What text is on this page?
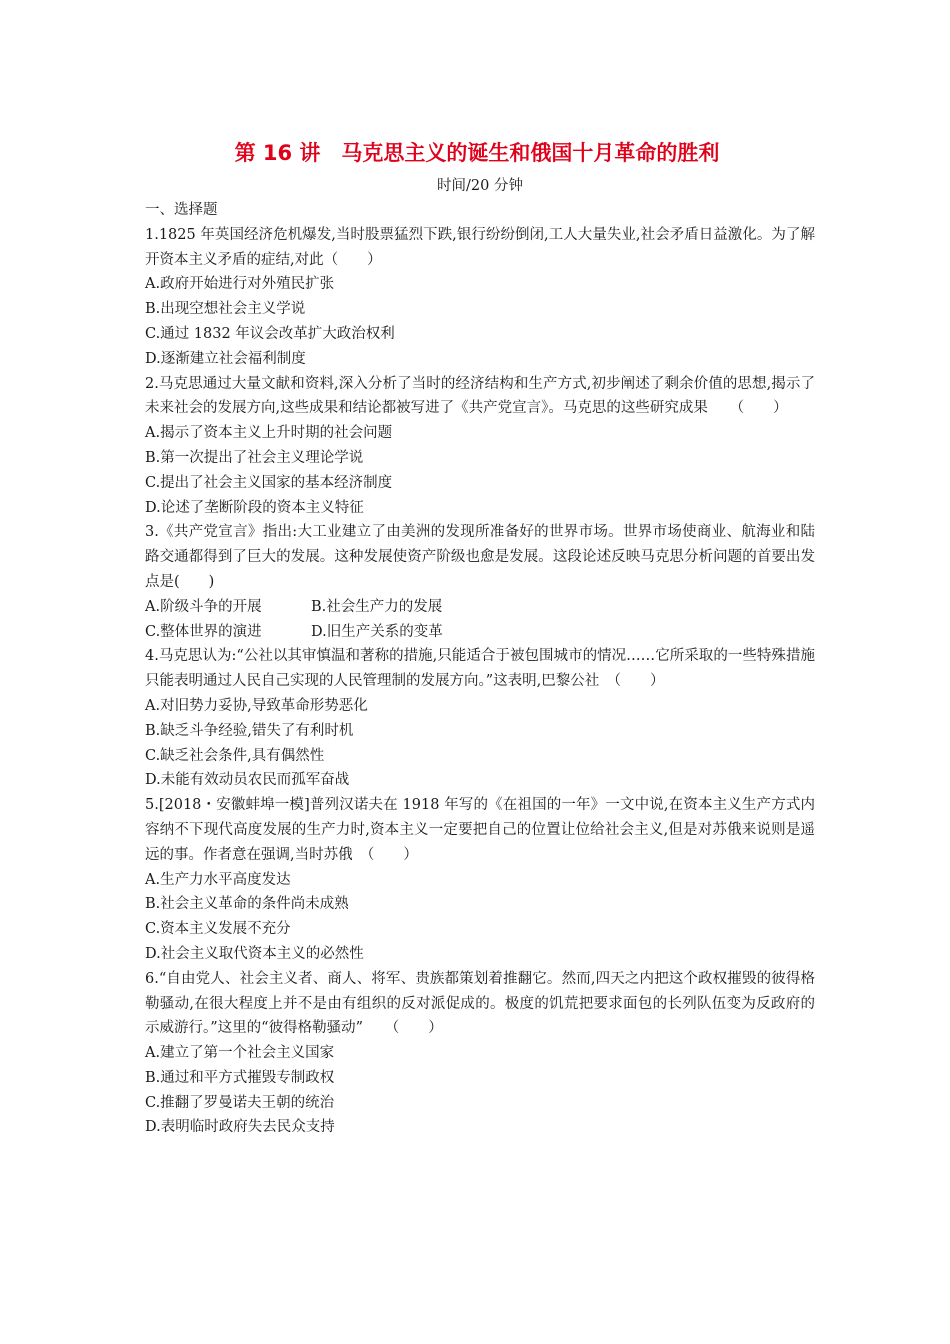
第 16 讲　马克思主义的诞生和俄国十月革命的胜利
时间/20 分钟
一、选择题
1.1825 年英国经济危机爆发,当时股票猛烈下跌,银行纷纷倒闭,工人大量失业,社会矛盾日益激化。为了解开资本主义矛盾的症结,对此（　　）
A.政府开始进行对外殖民扩张
B.出现空想社会主义学说
C.通过 1832 年议会改革扩大政治权利
D.逐渐建立社会福利制度
2.马克思通过大量文献和资料,深入分析了当时的经济结构和生产方式,初步阐述了剩余价值的思想,揭示了未来社会的发展方向,这些成果和结论都被写进了《共产党宣言》。马克思的这些研究成果　　（　　）
A.揭示了资本主义上升时期的社会问题
B.第一次提出了社会主义理论学说
C.提出了社会主义国家的基本经济制度
D.论述了垄断阶段的资本主义特征
3.《共产党宣言》指出:大工业建立了由美洲的发现所准备好的世界市场。世界市场使商业、航海业和陆路交通都得到了巨大的发展。这种发展使资产阶级也愈是发展。这段论述反映马克思分析问题的首要出发点是(　　)
A.阶级斗争的开展	B.社会生产力的发展
C.整体世界的演进	D.旧生产关系的变革
4.马克思认为:“公社以其审慎温和著称的措施,只能适合于被包围城市的情况……它所采取的一些特殊措施只能表明通过人民自己实现的人民管理制的发展方向。”这表明,巴黎公社　（　　）
A.对旧势力妥协,导致革命形势恶化
B.缺乏斗争经验,错失了有利时机
C.缺乏社会条件,具有偶然性
D.未能有效动员农民而孤军奋战
5.[2018・安徽蚌埠一模]普列汉诺夫在 1918 年写的《在祖国的一年》一文中说,在资本主义生产方式内容纳不下现代高度发展的生产力时,资本主义一定要把自己的位置让位给社会主义,但是对苏俄来说则是遥远的事。作者意在强调,当时苏俄　（　　）
A.生产力水平高度发达
B.社会主义革命的条件尚未成熟
C.资本主义发展不充分
D.社会主义取代资本主义的必然性
6.“自由党人、社会主义者、商人、将军、贵族都策划着推翻它。然而,四天之内把这个政权摧毁的彼得格勒骚动,在很大程度上并不是由有组织的反对派促成的。极度的饥荒把要求面包的长列队伍变为反政府的示威游行。”这里的“彼得格勒骚动”　　（　　）
A.建立了第一个社会主义国家
B.通过和平方式摧毁专制政权
C.推翻了罗曼诺夫王朝的统治
D.表明临时政府失去民众支持
